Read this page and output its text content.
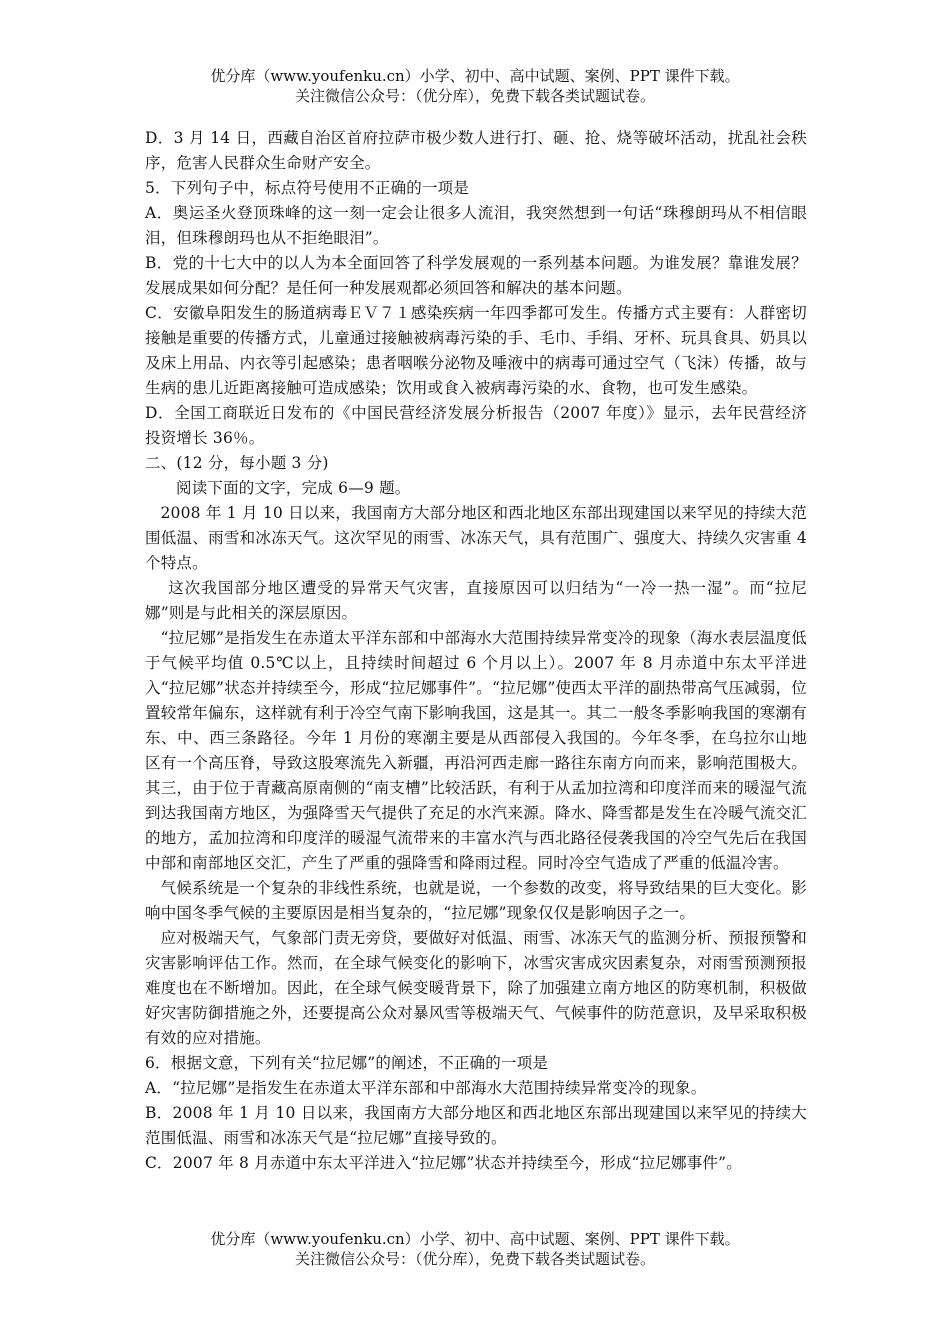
优分库（www.youfenku.cn）小学、初中、高中试题、案例、PPT 课件下载。
关注微信公众号：（优分库），免费下载各类试题试卷。

D．3 月 14 日，西藏自治区首府拉萨市极少数人进行打、砸、抢、烧等破坏活动，扰乱社会秩序，危害人民群众生命财产安全。

5．下列句子中，标点符号使用不正确的一项是

A．奥运圣火登顶珠峰的这一刻一定会让很多人流泪，我突然想到一句话“珠穆朗玛从不相信眼泪，但珠穆朗玛也从不拒绝眼泪”。

B．党的十七大中的以人为本全面回答了科学发展观的一系列基本问题。为谁发展？靠谁发展？发展成果如何分配？是任何一种发展观都必须回答和解决的基本问题。

C．安徽阜阳发生的肠道病毒ＥＶ７１感染疾病一年四季都可发生。传播方式主要有：人群密切接触是重要的传播方式，儿童通过接触被病毒污染的手、毛巾、手绢、牙杯、玩具食具、奶具以及床上用品、内衣等引起感染；患者咽喉分泌物及唾液中的病毒可通过空气（飞沫）传播，故与生病的患儿近距离接触可造成感染；饮用或食入被病毒污染的水、食物，也可发生感染。

D．全国工商联近日发布的《中国民营经济发展分析报告（2007 年度）》显示，去年民营经济投资增长 36％。

二、(12 分，每小题 3 分)

阅读下面的文字，完成 6—9 题。

2008 年 1 月 10 日以来，我国南方大部分地区和西北地区东部出现建国以来罕见的持续大范围低温、雨雪和冰冻天气。这次罕见的雨雪、冰冻天气，具有范围广、强度大、持续久灾害重 4 个特点。

这次我国部分地区遭受的异常天气灾害，直接原因可以归结为“一冷一热一湿”。而“拉尼娜”则是与此相关的深层原因。

“拉尼娜”是指发生在赤道太平洋东部和中部海水大范围持续异常变冷的现象（海水表层温度低于气候平均值 0.5℃以上，且持续时间超过 6 个月以上）。2007 年 8 月赤道中东太平洋进入“拉尼娜”状态并持续至今，形成“拉尼娜事件”。“拉尼娜”使西太平洋的副热带高气压减弱，位置较常年偏东，这样就有利于冷空气南下影响我国，这是其一。其二一般冬季影响我国的寒潮有东、中、西三条路径。今年 1 月份的寒潮主要是从西部侵入我国的。今年冬季，在乌拉尔山地区有一个高压脊，导致这股寒流先入新疆，再沿河西走廊一路往东南方向而来，影响范围极大。其三，由于位于青藏高原南侧的“南支槽”比较活跃，有利于从孟加拉湾和印度洋而来的暖湿气流到达我国南方地区，为强降雪天气提供了充足的水汽来源。降水、降雪都是发生在冷暖气流交汇的地方，孟加拉湾和印度洋的暖湿气流带来的丰富水汽与西北路径侵袭我国的冷空气先后在我国中部和南部地区交汇，产生了严重的强降雪和降雨过程。同时冷空气造成了严重的低温冷害。

气候系统是一个复杂的非线性系统，也就是说，一个参数的改变，将导致结果的巨大变化。影响中国冬季气候的主要原因是相当复杂的，“拉尼娜”现象仅仅是影响因子之一。

应对极端天气，气象部门责无旁贷，要做好对低温、雨雪、冰冻天气的监测分析、预报预警和灾害影响评估工作。然而，在全球气候变化的影响下，冰雪灾害成灾因素复杂，对雨雪预测预报难度也在不断增加。因此，在全球气候变暖背景下，除了加强建立南方地区的防寒机制，积极做好灾害防御措施之外，还要提高公众对暴风雪等极端天气、气候事件的防范意识，及早采取积极有效的应对措施。

6．根据文意，下列有关“拉尼娜”的阐述，不正确的一项是

A．“拉尼娜”是指发生在赤道太平洋东部和中部海水大范围持续异常变冷的现象。

B．2008 年 1 月 10 日以来，我国南方大部分地区和西北地区东部出现建国以来罕见的持续大范围低温、雨雪和冰冻天气是“拉尼娜”直接导致的。

C．2007 年 8 月赤道中东太平洋进入“拉尼娜”状态并持续至今，形成“拉尼娜事件”。

优分库（www.youfenku.cn）小学、初中、高中试题、案例、PPT 课件下载。
关注微信公众号：（优分库），免费下载各类试题试卷。
